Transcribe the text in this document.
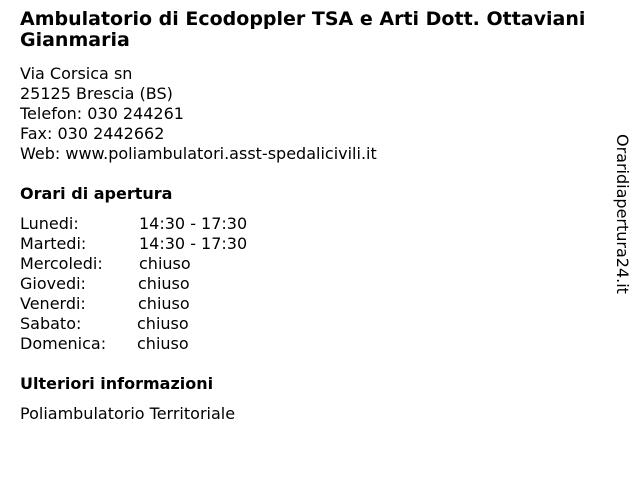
Ambulatorio di Ecodoppler TSA e Arti Dott. Ottaviani Gianmaria
Via Corsica sn
25125 Brescia (BS)
Telefon: 030 244261
Fax: 030 2442662
Web: www.poliambulatori.asst-spedalicivili.it
Orari di apertura
Lunedi:	14:30 - 17:30
Martedi:	14:30 - 17:30
Mercoledi: chiuso
Giovedi:	chiuso
Venerdi:	chiuso
Sabato:	chiuso
Domenica: chiuso
Ulteriori informazioni
Poliambulatorio Territoriale
Oraridiapertura24.it
